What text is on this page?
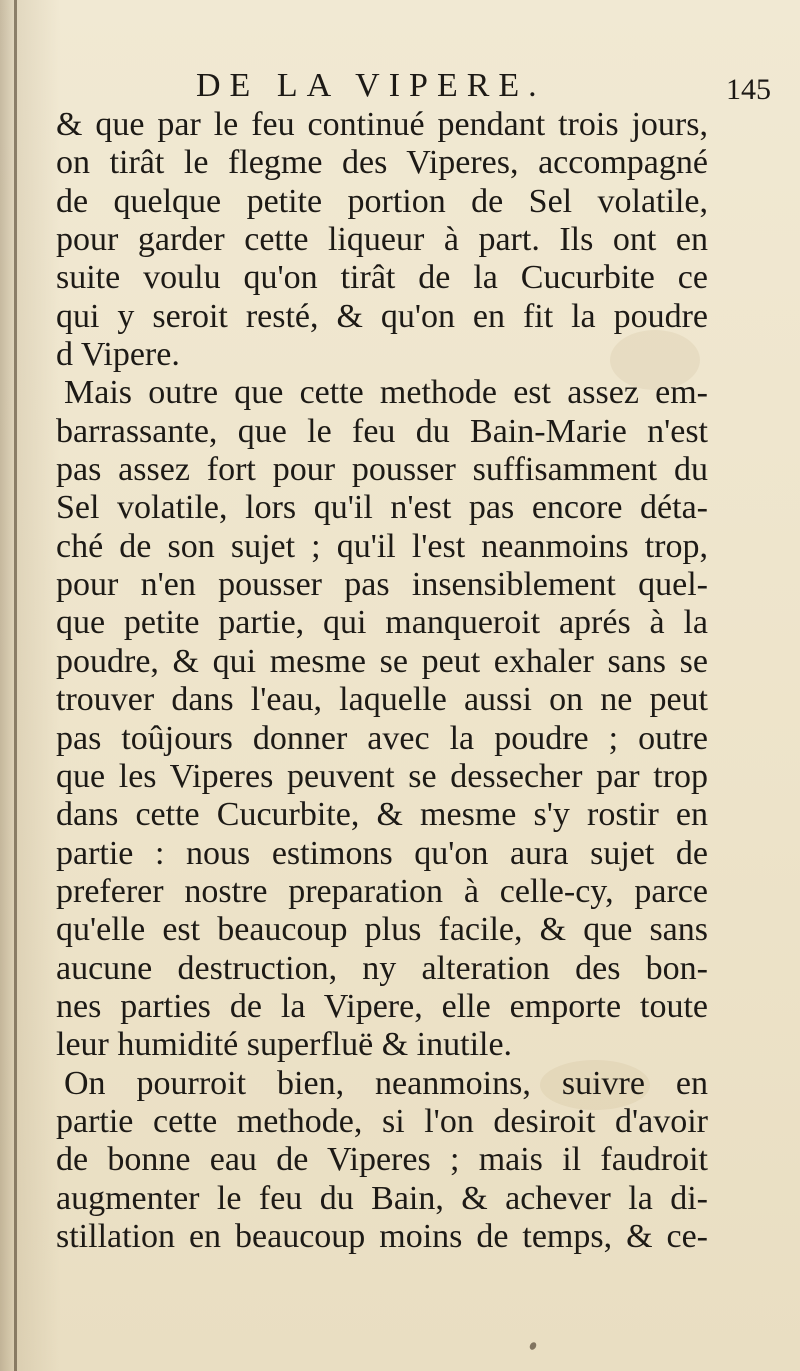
DE LA VIPERE.	145
& que par le feu continué pendant trois jours,
on tirât le flegme des Viperes, accompagné
de quelque petite portion de Sel volatile,
pour garder cette liqueur à part. Ils ont en
suite voulu qu'on tirât de la Cucurbite ce
qui y seroit resté, & qu'on en fit la poudre
d Vipere.
Mais outre que cette methode est assez em-
barrassante, que le feu du Bain-Marie n'est
pas assez fort pour pousser suffisamment du
Sel volatile, lors qu'il n'est pas encore déta-
ché de son sujet ; qu'il l'est neanmoins trop,
pour n'en pousser pas insensiblement quel-
que petite partie, qui manqueroit aprés à la
poudre, & qui mesme se peut exhaler sans se
trouver dans l'eau, laquelle aussi on ne peut
pas toûjours donner avec la poudre ; outre
que les Viperes peuvent se dessecher par trop
dans cette Cucurbite, & mesme s'y rostir en
partie : nous estimons qu'on aura sujet de
preferer nostre preparation à celle-cy, parce
qu'elle est beaucoup plus facile, & que sans
aucune destruction, ny alteration des bon-
nes parties de la Vipere, elle emporte toute
leur humidité superfluë & inutile.
On pourroit bien, neanmoins, suivre en
partie cette methode, si l'on desiroit d'avoir
de bonne eau de Viperes ; mais il faudroit
augmenter le feu du Bain, & achever la di-
stillation en beaucoup moins de temps, & ce-
